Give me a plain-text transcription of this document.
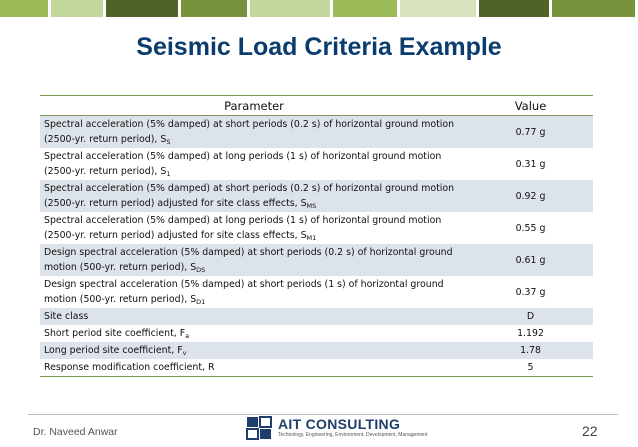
Seismic Load Criteria Example
Parameter	Value
Spectral acceleration (5% damped) at short periods (0.2 s) of horizontal ground motion (2500-yr. return period), $S_S$	0.77 g
Spectral acceleration (5% damped) at long periods (1 s) of horizontal ground motion (2500-yr. return period), $S_1$	0.31 g
Spectral acceleration (5% damped) at short periods (0.2 s) of horizontal ground motion (2500-yr. return period) adjusted for site class effects, $S_{MS}$	0.92 g
Spectral acceleration (5% damped) at long periods (1 s) of horizontal ground motion (2500-yr. return period) adjusted for site class effects, $S_{M1}$	0.55 g
Design spectral acceleration (5% damped) at short periods (0.2 s) of horizontal ground motion (500-yr. return period), $S_{DS}$	0.61 g
Design spectral acceleration (5% damped) at short periods (1 s) of horizontal ground motion (500-yr. return period), $S_{D1}$	0.37 g
Site class	D
Short period site coefficient, $F_a$	1.192
Long period site coefficient, $F_v$	1.78
Response modification coefficient, R	5
Dr. Naveed Anwar	AIT CONSULTING
Technology, Engineering, Environment, Development, Management	22
